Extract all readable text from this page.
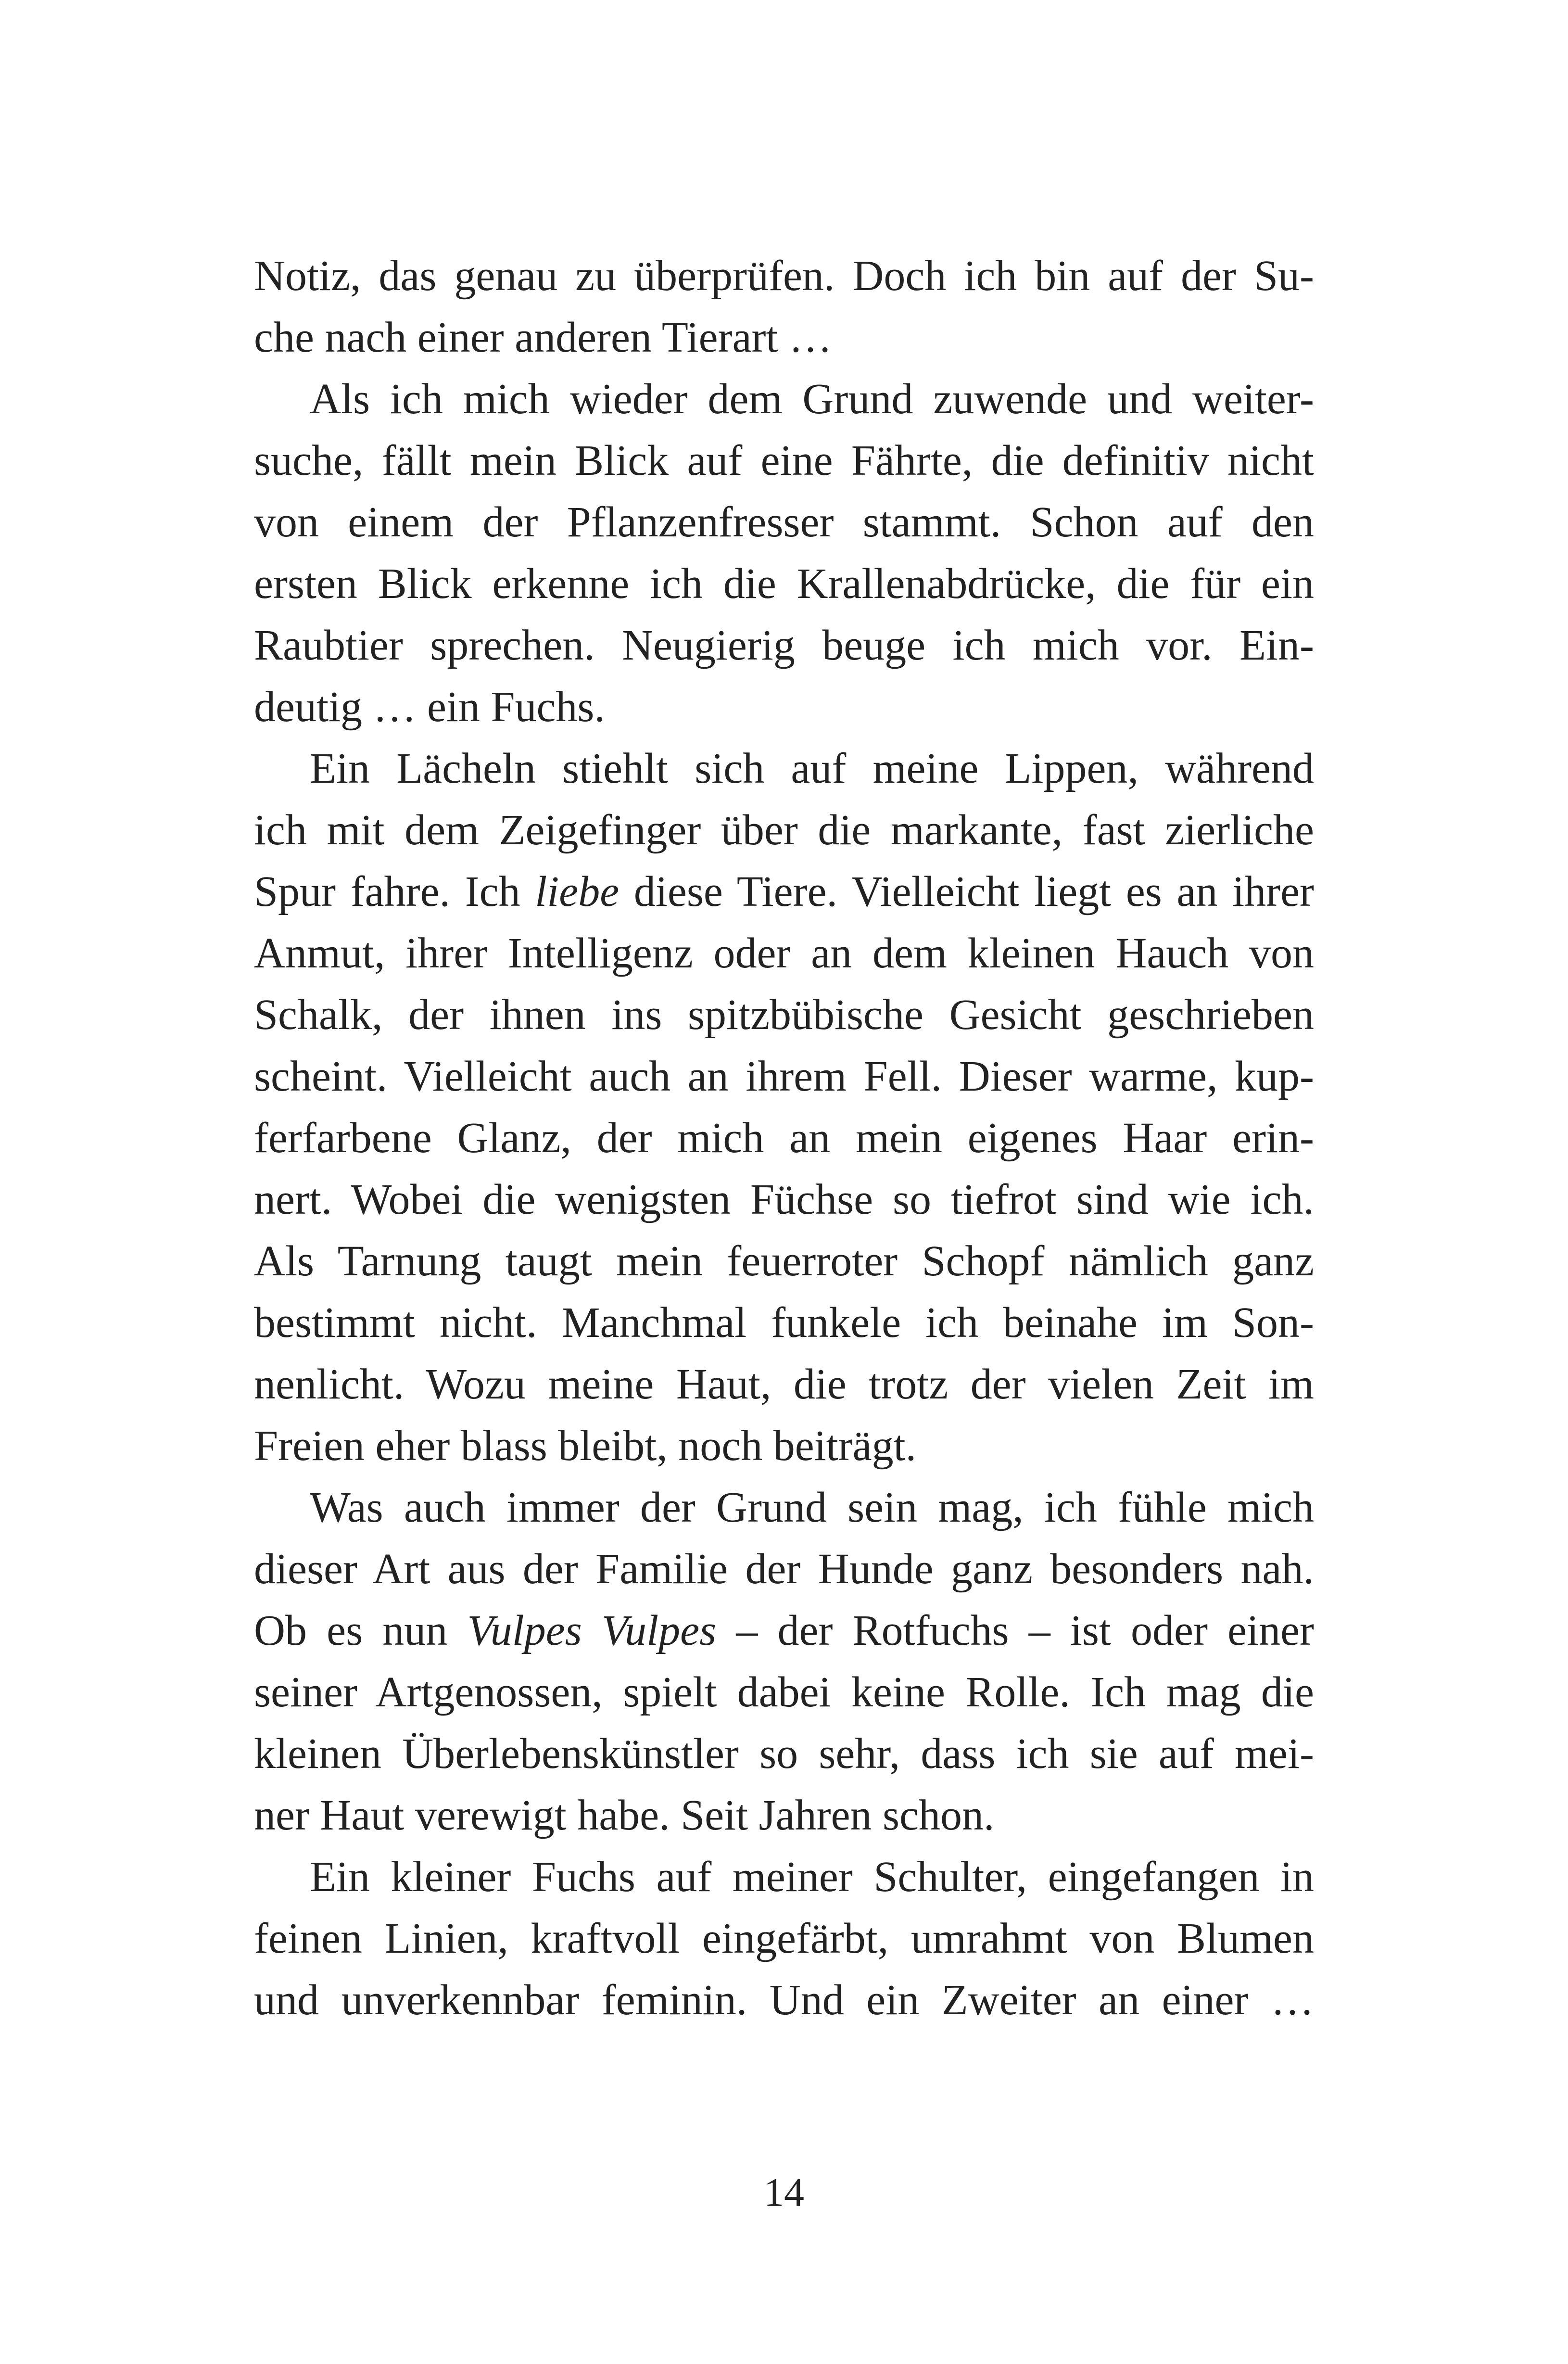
Notiz, das genau zu überprüfen. Doch ich bin auf der Su-
che nach einer anderen Tierart …
Als ich mich wieder dem Grund zuwende und weiter-
suche, fällt mein Blick auf eine Fährte, die definitiv nicht
von einem der Pflanzenfresser stammt. Schon auf den
ersten Blick erkenne ich die Krallenabdrücke, die für ein
Raubtier sprechen. Neugierig beuge ich mich vor. Ein-
deutig … ein Fuchs.
Ein Lächeln stiehlt sich auf meine Lippen, während
ich mit dem Zeigefinger über die markante, fast zierliche
Spur fahre. Ich liebe diese Tiere. Vielleicht liegt es an ihrer
Anmut, ihrer Intelligenz oder an dem kleinen Hauch von
Schalk, der ihnen ins spitzbübische Gesicht geschrieben
scheint. Vielleicht auch an ihrem Fell. Dieser warme, kup-
ferfarbene Glanz, der mich an mein eigenes Haar erin-
nert. Wobei die wenigsten Füchse so tiefrot sind wie ich.
Als Tarnung taugt mein feuerroter Schopf nämlich ganz
bestimmt nicht. Manchmal funkele ich beinahe im Son-
nenlicht. Wozu meine Haut, die trotz der vielen Zeit im
Freien eher blass bleibt, noch beiträgt.
Was auch immer der Grund sein mag, ich fühle mich
dieser Art aus der Familie der Hunde ganz besonders nah.
Ob es nun Vulpes Vulpes – der Rotfuchs – ist oder einer
seiner Artgenossen, spielt dabei keine Rolle. Ich mag die
kleinen Überlebenskünstler so sehr, dass ich sie auf mei-
ner Haut verewigt habe. Seit Jahren schon.
Ein kleiner Fuchs auf meiner Schulter, eingefangen in
feinen Linien, kraftvoll eingefärbt, umrahmt von Blumen
und unverkennbar feminin. Und ein Zweiter an einer …
14
